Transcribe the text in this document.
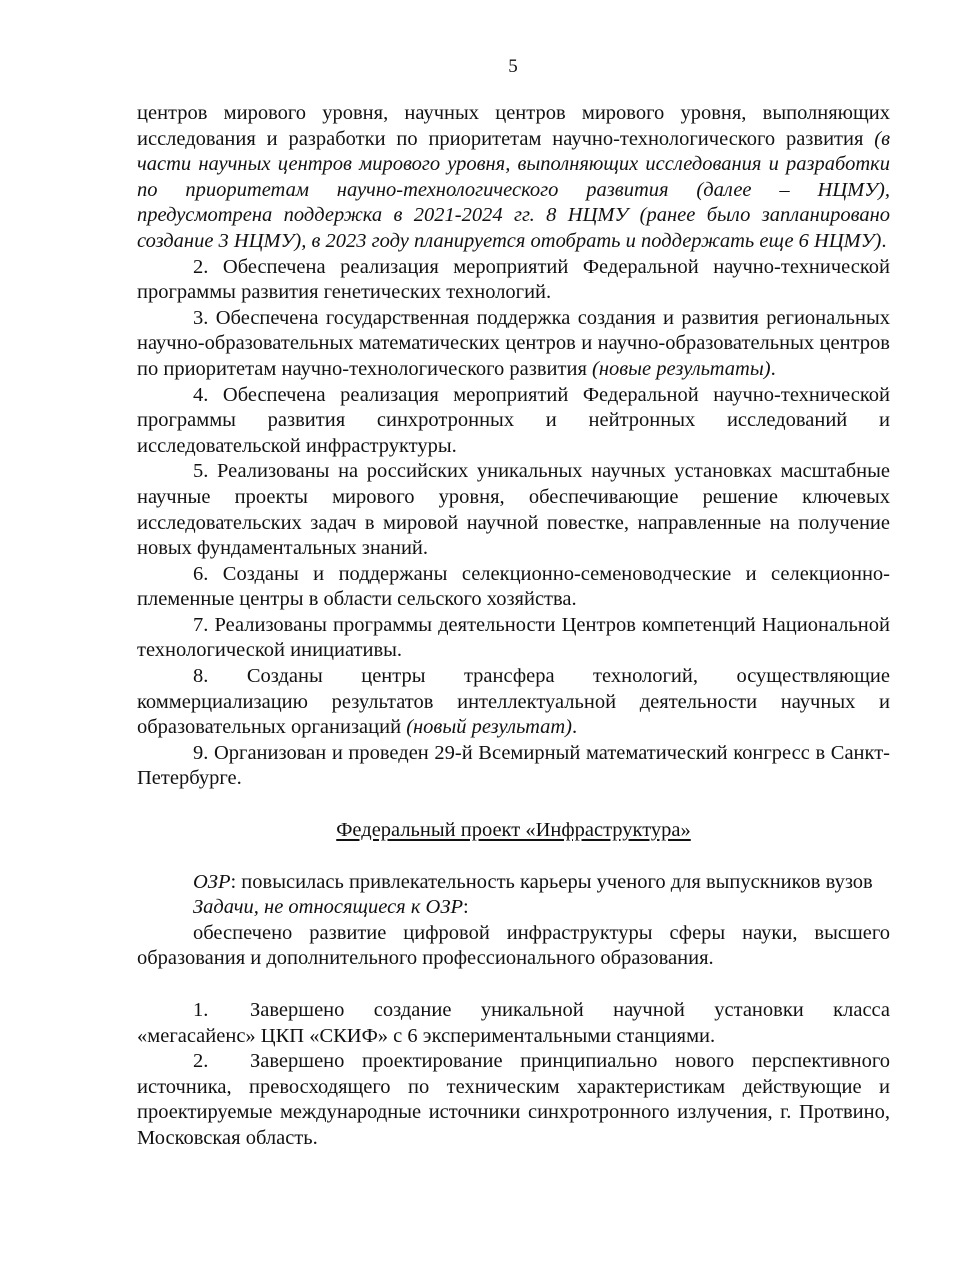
5

центров мирового уровня, научных центров мирового уровня, выполняющих исследования и разработки по приоритетам научно-технологического развития (в части научных центров мирового уровня, выполняющих исследования и разработки по приоритетам научно-технологического развития (далее – НЦМУ), предусмотрена поддержка в 2021-2024 гг. 8 НЦМУ (ранее было запланировано создание 3 НЦМУ), в 2023 году планируется отобрать и поддержать еще 6 НЦМУ).

2. Обеспечена реализация мероприятий Федеральной научно-технической программы развития генетических технологий.

3. Обеспечена государственная поддержка создания и развития региональных научно-образовательных математических центров и научно-образовательных центров по приоритетам научно-технологического развития (новые результаты).

4. Обеспечена реализация мероприятий Федеральной научно-технической программы развития синхротронных и нейтронных исследований и исследовательской инфраструктуры.

5. Реализованы на российских уникальных научных установках масштабные научные проекты мирового уровня, обеспечивающие решение ключевых исследовательских задач в мировой научной повестке, направленные на получение новых фундаментальных знаний.

6. Созданы и поддержаны селекционно-семеноводческие и селекционно-племенные центры в области сельского хозяйства.

7. Реализованы программы деятельности Центров компетенций Национальной технологической инициативы.

8. Созданы центры трансфера технологий, осуществляющие коммерциализацию результатов интеллектуальной деятельности научных и образовательных организаций (новый результат).

9. Организован и проведен 29-й Всемирный математический конгресс в Санкт-Петербурге.

Федеральный проект «Инфраструктура»

ОЗР: повысилась привлекательность карьеры ученого для выпускников вузов

Задачи, не относящиеся к ОЗР:

обеспечено развитие цифровой инфраструктуры сферы науки, высшего образования и дополнительного профессионального образования.

1. Завершено создание уникальной научной установки класса «мегасайенс» ЦКП «СКИФ» с 6 экспериментальными станциями.

2. Завершено проектирование принципиально нового перспективного источника, превосходящего по техническим характеристикам действующие и проектируемые международные источники синхротронного излучения, г. Протвино, Московская область.
